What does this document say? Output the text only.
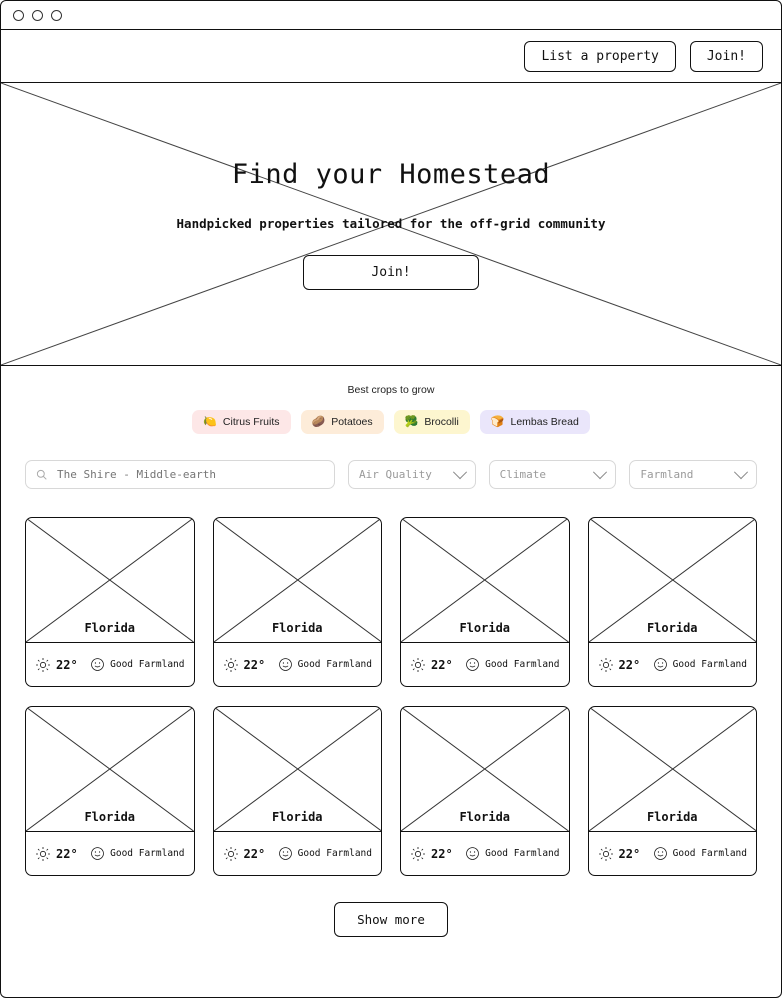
List a property	Join!
Find your Homestead

Handpicked properties tailored for the off-grid community

Join!
Best crops to grow
🍋 Citrus Fruits	🥔 Potatoes	🥦 Brocolli	🍞 Lembas Bread
The Shire - Middle-earth
Air Quality	Climate	Farmland
Florida
22°	Good Farmland
Florida
22°	Good Farmland
Florida
22°	Good Farmland
Florida
22°	Good Farmland
Florida
22°	Good Farmland
Florida
22°	Good Farmland
Florida
22°	Good Farmland
Florida
22°	Good Farmland
Show more
